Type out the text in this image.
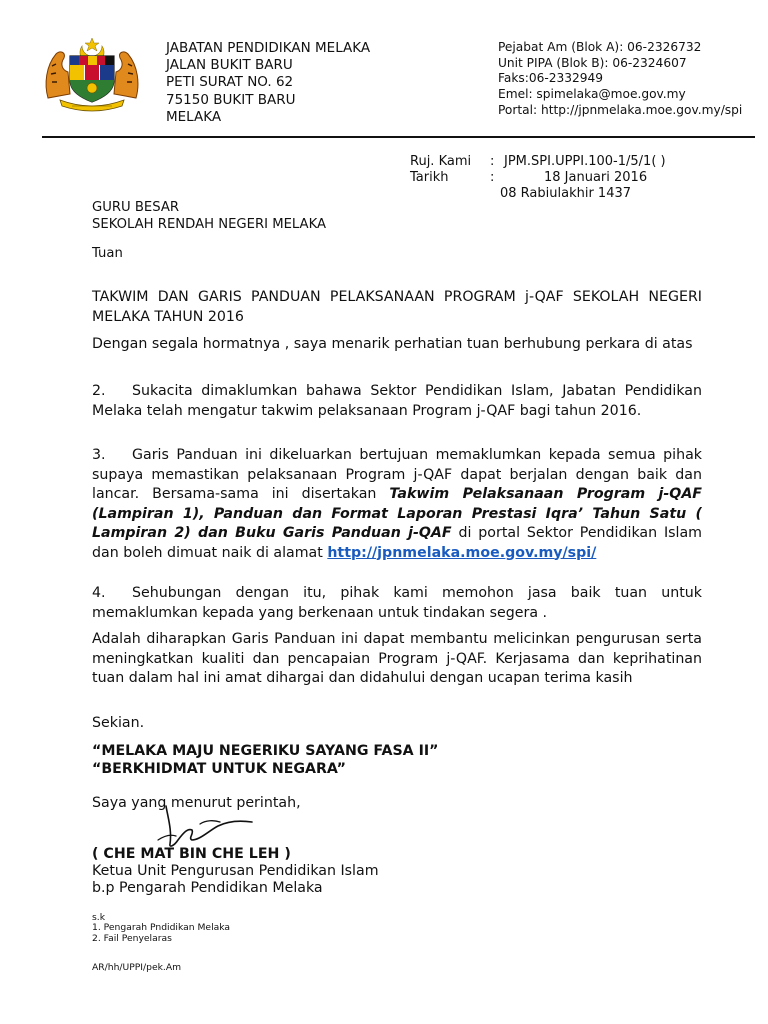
JABATAN PENDIDIKAN MELAKA
JALAN BUKIT BARU
PETI SURAT NO. 62
75150 BUKIT BARU
MELAKA
Pejabat Am (Blok A): 06-2326732
Unit PIPA (Blok B): 06-2324607
Faks:06-2332949
Emel: spimelaka@moe.gov.my
Portal: http://jpnmelaka.moe.gov.my/spi
Ruj. Kami : JPM.SPI.UPPI.100-1/5/1( )
Tarikh	:	18 Januari 2016
08 Rabiulakhir 1437
GURU BESAR
SEKOLAH RENDAH NEGERI MELAKA
Tuan
TAKWIM DAN GARIS PANDUAN PELAKSANAAN PROGRAM j-QAF SEKOLAH NEGERI MELAKA TAHUN 2016
Dengan segala hormatnya , saya menarik perhatian tuan berhubung perkara di atas
2. Sukacita dimaklumkan bahawa Sektor Pendidikan Islam, Jabatan Pendidikan Melaka telah mengatur takwim pelaksanaan Program j-QAF bagi tahun 2016.
3. Garis Panduan ini dikeluarkan bertujuan memaklumkan kepada semua pihak supaya memastikan pelaksanaan Program j-QAF dapat berjalan dengan baik dan lancar. Bersama-sama ini disertakan Takwim Pelaksanaan Program j-QAF (Lampiran 1), Panduan dan Format Laporan Prestasi Iqra’ Tahun Satu ( Lampiran 2) dan Buku Garis Panduan j-QAF di portal Sektor Pendidikan Islam dan boleh dimuat naik di alamat http://jpnmelaka.moe.gov.my/spi/
4. Sehubungan dengan itu, pihak kami memohon jasa baik tuan untuk memaklumkan kepada yang berkenaan untuk tindakan segera .
Adalah diharapkan Garis Panduan ini dapat membantu melicinkan pengurusan serta meningkatkan kualiti dan pencapaian Program j-QAF. Kerjasama dan keprihatinan tuan dalam hal ini amat dihargai dan didahului dengan ucapan terima kasih
Sekian.
“MELAKA MAJU NEGERIKU SAYANG FASA II”
“BERKHIDMAT UNTUK NEGARA”
Saya yang menurut perintah,
( CHE MAT BIN CHE LEH )
Ketua Unit Pengurusan Pendidikan Islam
b.p Pengarah Pendidikan Melaka
s.k
1. Pengarah Pndidikan Melaka
2. Fail Penyelaras
AR/hh/UPPI/pek.Am
